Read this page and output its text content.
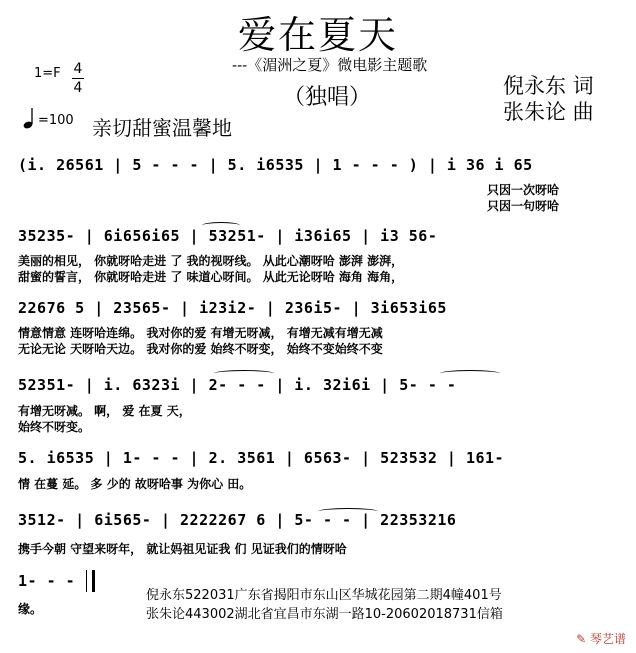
爱在夏天
---《湄洲之夏》微电影主题歌
（独唱）
1=F 4
4	倪永东 词
张朱论 曲
=100 亲切甜蜜温馨地
(i. 26561 | 5 - - - | 5. i6535 | 1 - - - ) | i 36 i 65
只因一次呀哈
只因一句呀哈
35235- | 6i656i65 | 53251- | i36i65 | i3 56-
美丽的相见， 你就呀哈走进 了 我的视呀线。 从此心潮呀哈 澎湃 澎湃，
甜蜜的誓言， 你就呀哈走进 了 味道心呀间。 从此无论呀哈 海角 海角，
22676 5 | 23565- | i23i2- | 236i5- | 3i653i65
情意情意 连呀哈连绵。 我对你的爱 有增无呀减， 有增无减有增无减
无论无论 天呀哈天边。 我对你的爱 始终不呀变， 始终不变始终不变
52351- | i. 6323i | 2- - - | i. 32i6i | 5- - -
有增无呀减。 啊， 爱 在夏 天，
始终不呀变。
5. i6535 | 1- - - | 2. 3561 | 6563- | 523532 | 161-
情 在蔓 延。 多 少的 故呀哈事 为你心 田。
3512- | 6i565- | 2222267 6 | 5- - - | 22353216
携手今朝 守望来呀年， 就让妈祖见证我 们 见证我们的情呀哈
1- - -
缘。
倪永东522031广东省揭阳市东山区华城花园第二期4幢401号
张朱论443002湖北省宜昌市东湖一路10-20602018731信箱
✎ 琴艺谱
